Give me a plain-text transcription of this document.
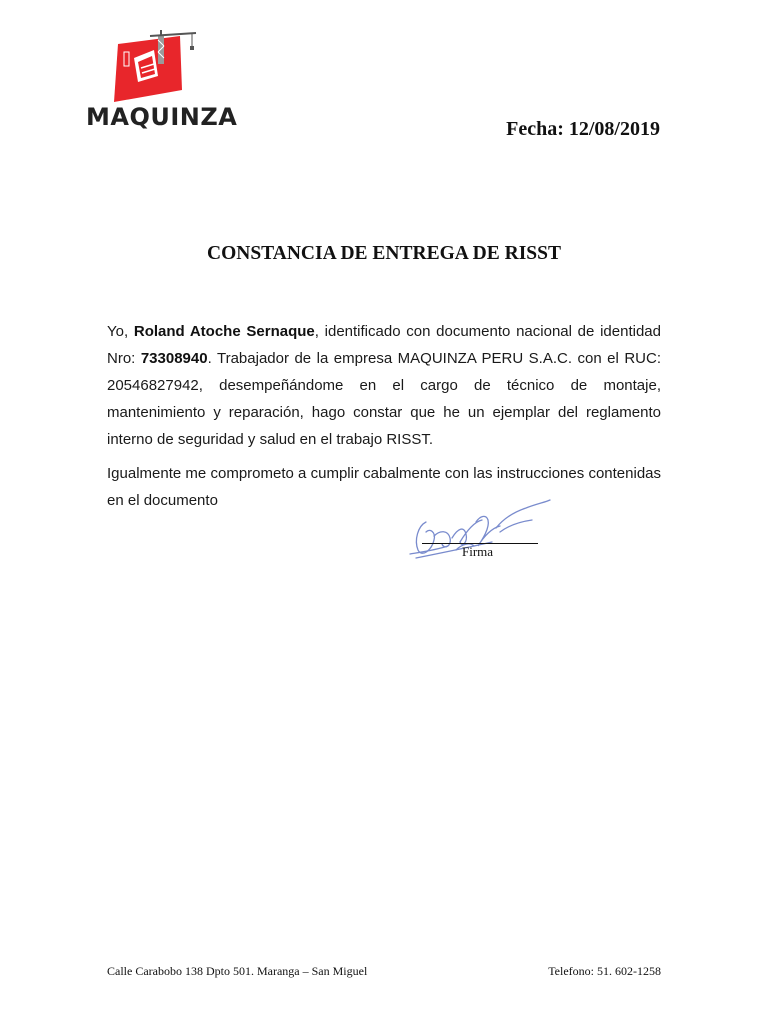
MAQUINZA	Fecha: 12/08/2019
CONSTANCIA DE ENTREGA DE RISST

Yo, Roland Atoche Sernaque, identificado con documento nacional de identidad Nro: 73308940. Trabajador de la empresa MAQUINZA PERU S.A.C. con el RUC: 20546827942, desempeñándome en el cargo de técnico de montaje, mantenimiento y reparación, hago constar que he un ejemplar del reglamento interno de seguridad y salud en el trabajo RISST.

Igualmente me comprometo a cumplir cabalmente con las instrucciones contenidas en el documento

Firma
Calle Carabobo 138 Dpto 501. Maranga – San Miguel	Telefono: 51. 602-1258
